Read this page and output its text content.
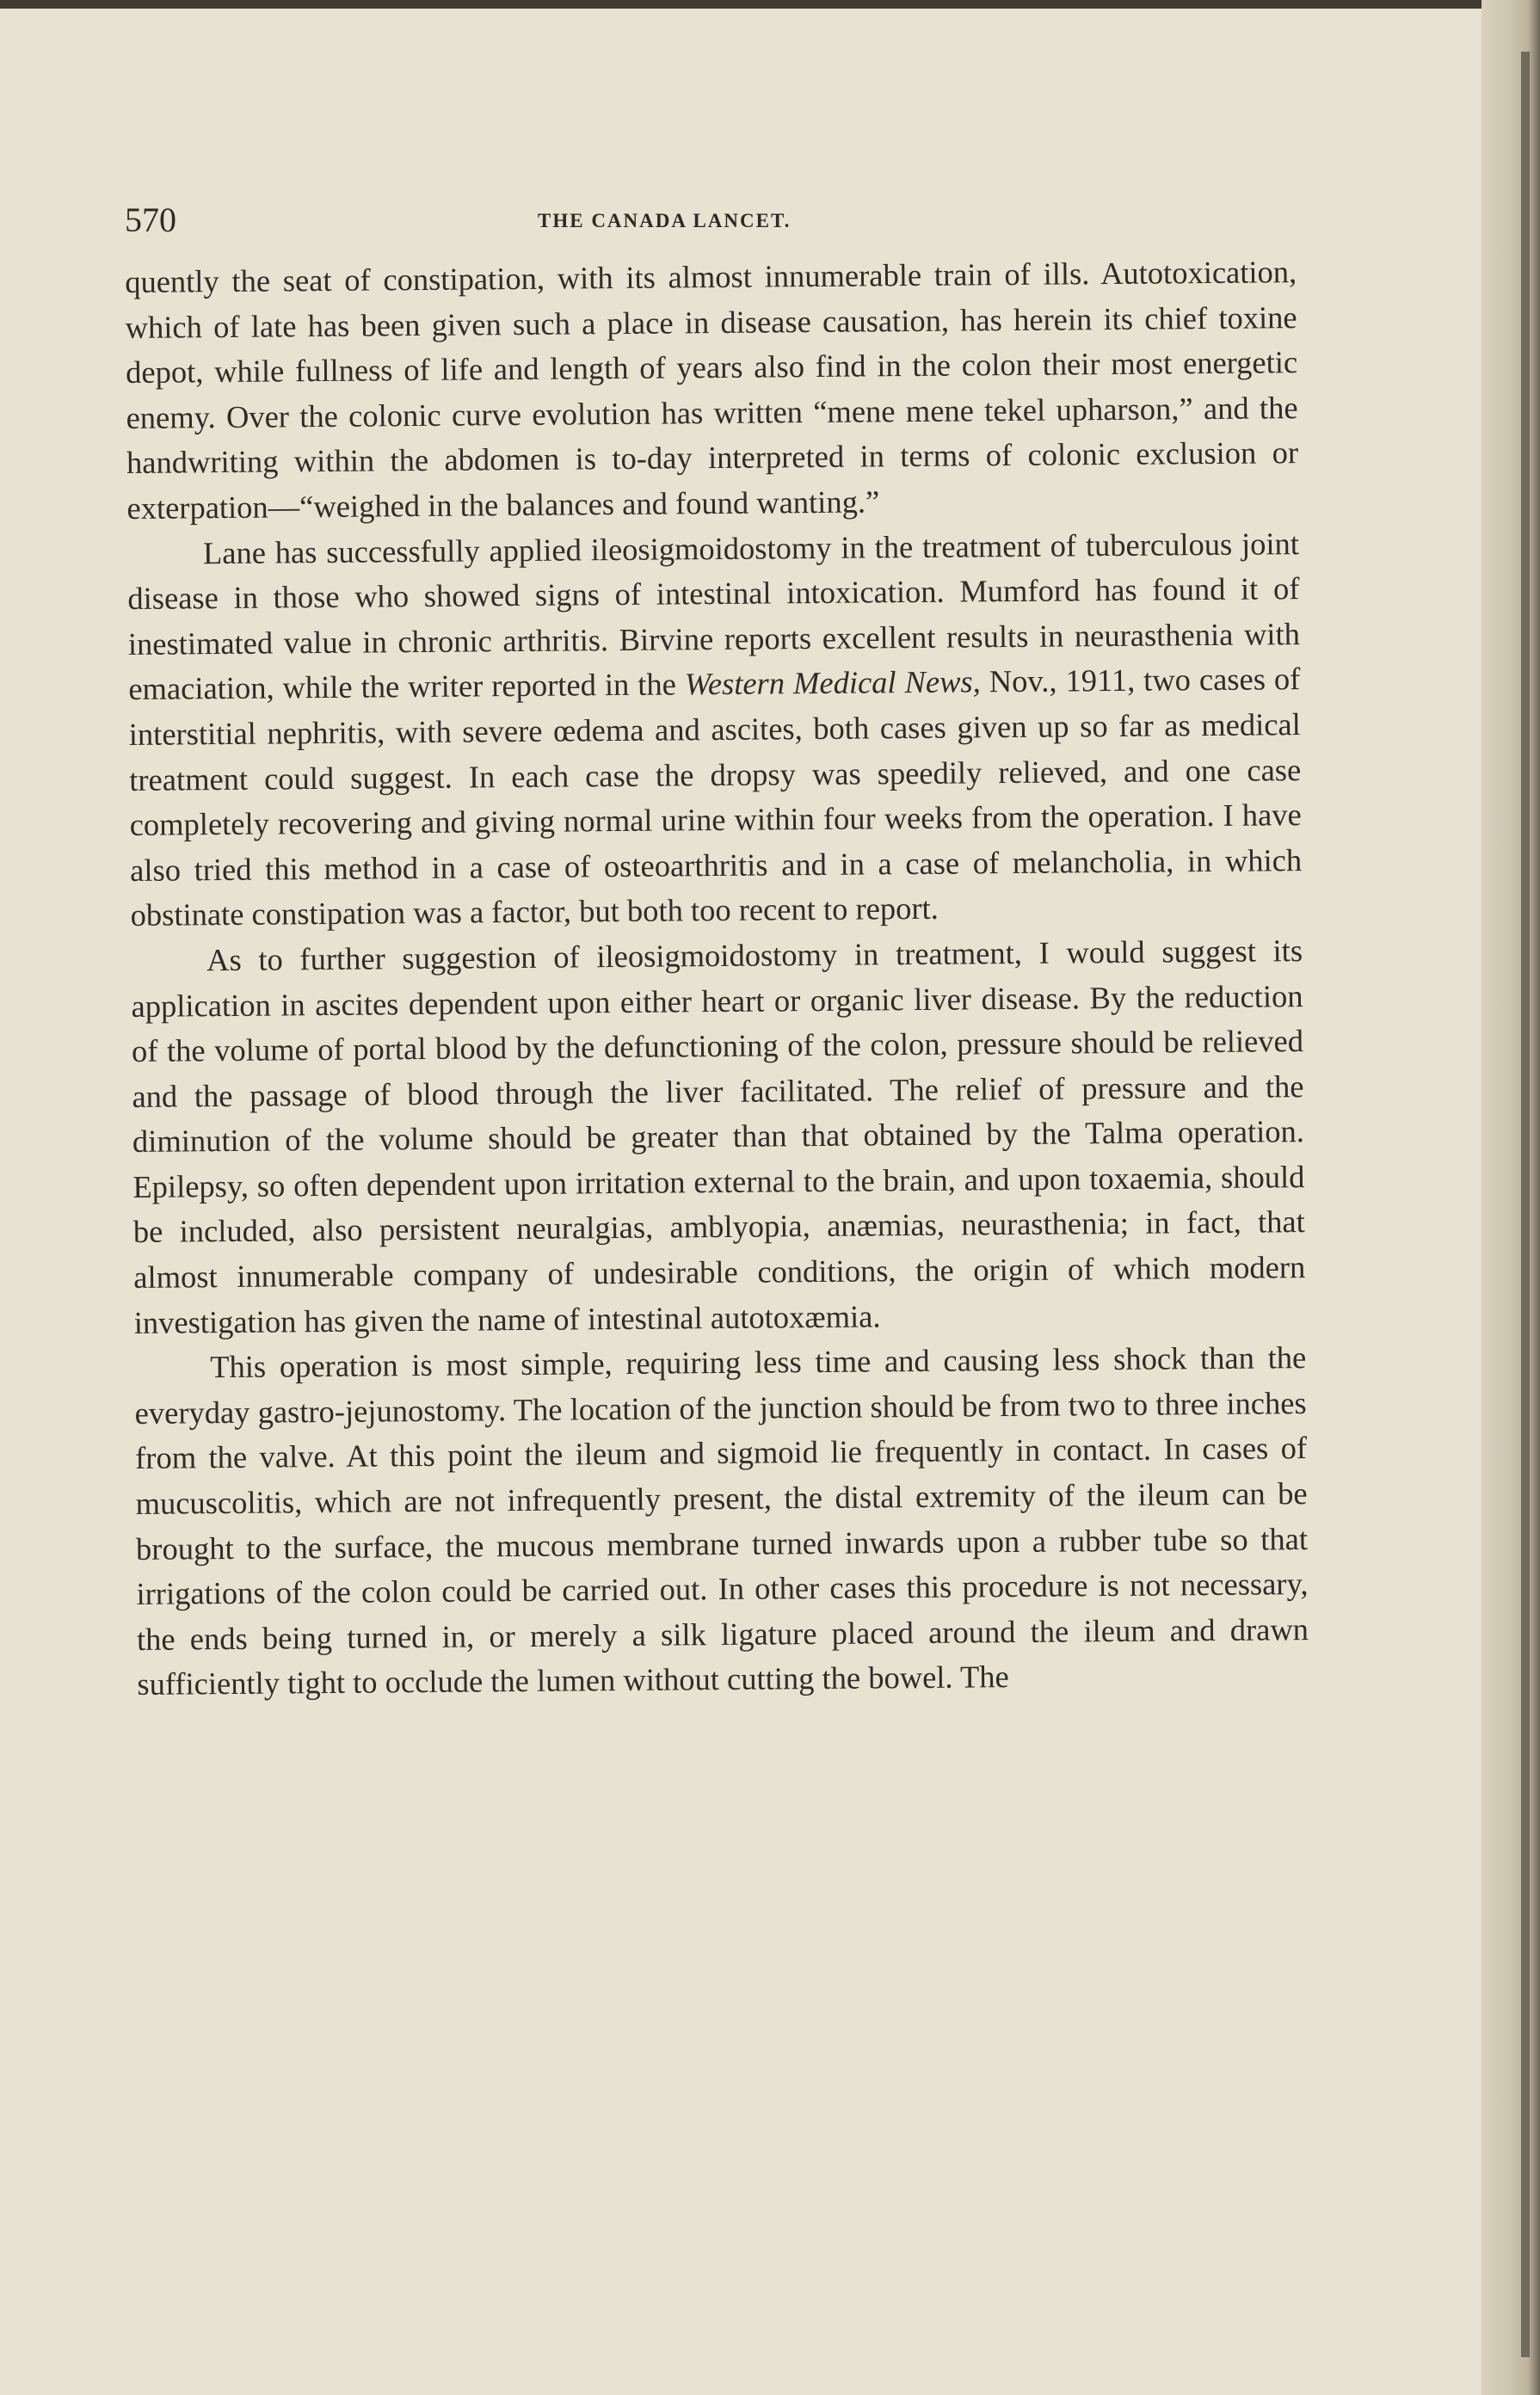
570	THE CANADA LANCET.

quently the seat of constipation, with its almost innumerable train of ills. Autotoxication, which of late has been given such a place in disease causation, has herein its chief toxine depot, while fullness of life and length of years also find in the colon their most energetic enemy. Over the colonic curve evolution has written “mene mene tekel upharson,” and the handwriting within the abdomen is to-day interpreted in terms of colonic exclusion or exterpation—“weighed in the balances and found wanting.”

Lane has successfully applied ileosigmoidostomy in the treatment of tuberculous joint disease in those who showed signs of intestinal intoxication. Mumford has found it of inestimated value in chronic arthritis. Birvine reports excellent results in neurasthenia with emaciation, while the writer reported in the Western Medical News, Nov., 1911, two cases of interstitial nephritis, with severe œdema and ascites, both cases given up so far as medical treatment could suggest. In each case the dropsy was speedily relieved, and one case completely recovering and giving normal urine within four weeks from the operation. I have also tried this method in a case of osteoarthritis and in a case of melancholia, in which obstinate constipation was a factor, but both too recent to report.

As to further suggestion of ileosigmoidostomy in treatment, I would suggest its application in ascites dependent upon either heart or organic liver disease. By the reduction of the volume of portal blood by the defunctioning of the colon, pressure should be relieved and the passage of blood through the liver facilitated. The relief of pressure and the diminution of the volume should be greater than that obtained by the Talma operation. Epilepsy, so often dependent upon irritation external to the brain, and upon toxaemia, should be included, also persistent neuralgias, amblyopia, anæmias, neurasthenia; in fact, that almost innumerable company of undesirable conditions, the origin of which modern investigation has given the name of intestinal autotoxæmia.

This operation is most simple, requiring less time and causing less shock than the everyday gastro-jejunostomy. The location of the junction should be from two to three inches from the valve. At this point the ileum and sigmoid lie frequently in contact. In cases of mucuscolitis, which are not infrequently present, the distal extremity of the ileum can be brought to the surface, the mucous membrane turned inwards upon a rubber tube so that irrigations of the colon could be carried out. In other cases this procedure is not necessary, the ends being turned in, or merely a silk ligature placed around the ileum and drawn sufficiently tight to occlude the lumen without cutting the bowel. The
